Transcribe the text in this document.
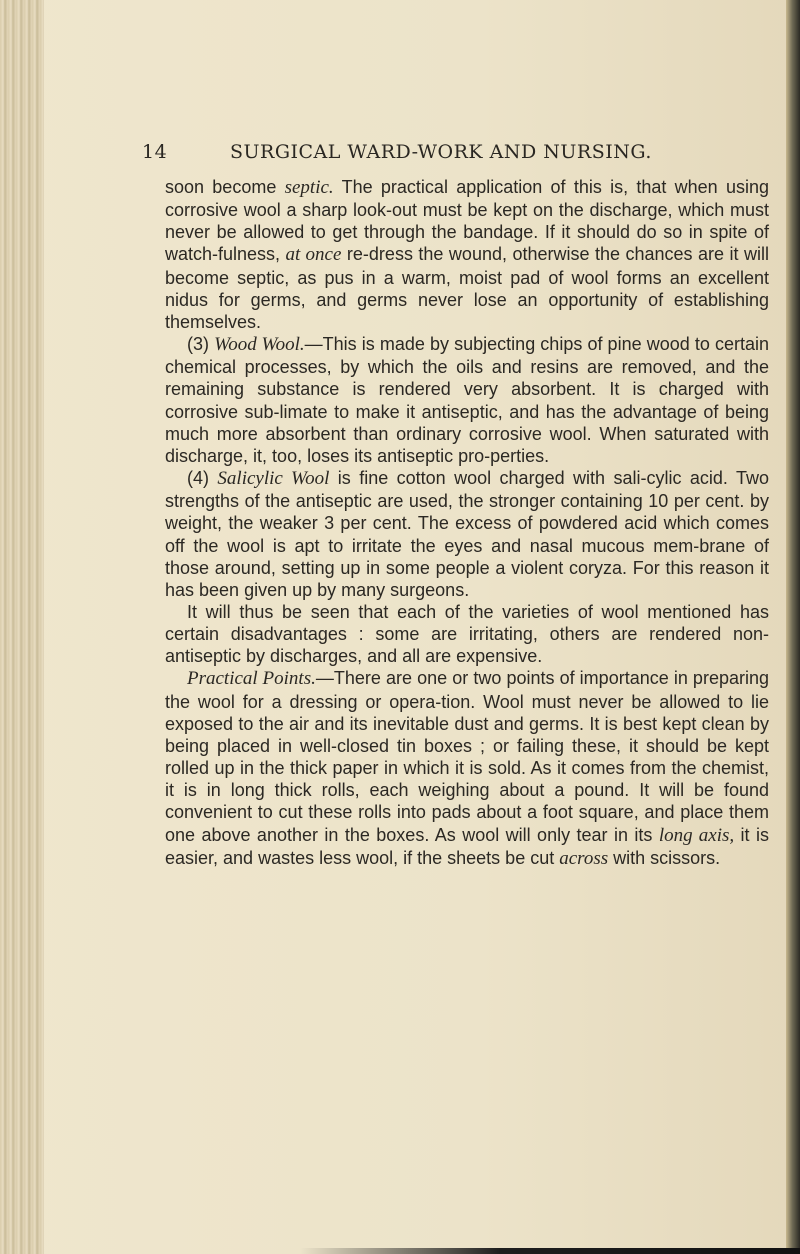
14	SURGICAL WARD-WORK AND NURSING.

soon become septic. The practical application of this is, that when using corrosive wool a sharp look-out must be kept on the discharge, which must never be allowed to get through the bandage. If it should do so in spite of watch-fulness, at once re-dress the wound, otherwise the chances are it will become septic, as pus in a warm, moist pad of wool forms an excellent nidus for germs, and germs never lose an opportunity of establishing themselves.

(3) Wood Wool.—This is made by subjecting chips of pine wood to certain chemical processes, by which the oils and resins are removed, and the remaining substance is rendered very absorbent. It is charged with corrosive sub-limate to make it antiseptic, and has the advantage of being much more absorbent than ordinary corrosive wool. When saturated with discharge, it, too, loses its antiseptic pro-perties.

(4) Salicylic Wool is fine cotton wool charged with sali-cylic acid. Two strengths of the antiseptic are used, the stronger containing 10 per cent. by weight, the weaker 3 per cent. The excess of powdered acid which comes off the wool is apt to irritate the eyes and nasal mucous mem-brane of those around, setting up in some people a violent coryza. For this reason it has been given up by many surgeons.

It will thus be seen that each of the varieties of wool mentioned has certain disadvantages : some are irritating, others are rendered non-antiseptic by discharges, and all are expensive.

Practical Points.—There are one or two points of importance in preparing the wool for a dressing or opera-tion. Wool must never be allowed to lie exposed to the air and its inevitable dust and germs. It is best kept clean by being placed in well-closed tin boxes ; or failing these, it should be kept rolled up in the thick paper in which it is sold. As it comes from the chemist, it is in long thick rolls, each weighing about a pound. It will be found convenient to cut these rolls into pads about a foot square, and place them one above another in the boxes. As wool will only tear in its long axis, it is easier, and wastes less wool, if the sheets be cut across with scissors.
